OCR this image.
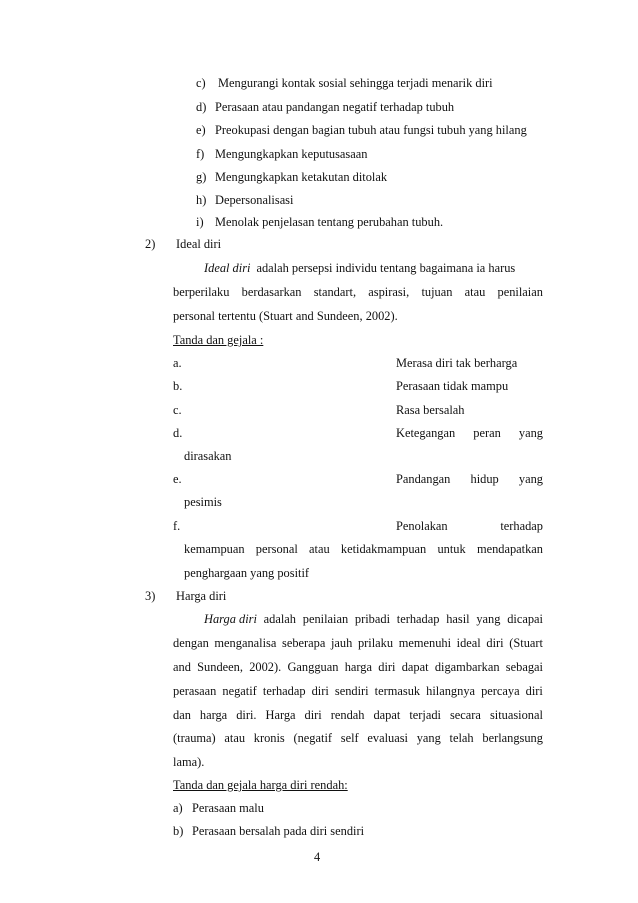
c) Mengurangi kontak sosial sehingga terjadi menarik diri
d) Perasaan atau pandangan negatif terhadap tubuh
e) Preokupasi dengan bagian tubuh atau fungsi tubuh yang hilang
f) Mengungkapkan keputusasaan
g) Mengungkapkan ketakutan ditolak
h) Depersonalisasi
i) Menolak penjelasan tentang perubahan tubuh.
2) Ideal diri
Ideal diri adalah persepsi individu tentang bagaimana ia harus
berperilaku berdasarkan standart, aspirasi, tujuan atau penilaian
personal tertentu (Stuart and Sundeen, 2002).
Tanda dan gejala :
a.	Merasa diri tak berharga
b.	Perasaan tidak mampu
c.	Rasa bersalah
d.	Ketegangan peran yang
dirasakan
e.	Pandangan hidup yang
pesimis
f.	Penolakan	terhadap
kemampuan personal atau ketidakmampuan untuk mendapatkan
penghargaan yang positif
3) Harga diri
Harga diri adalah penilaian pribadi terhadap hasil yang dicapai
dengan menganalisa seberapa jauh prilaku memenuhi ideal diri (Stuart
and Sundeen, 2002). Gangguan harga diri dapat digambarkan sebagai
perasaan negatif terhadap diri sendiri termasuk hilangnya percaya diri
dan harga diri. Harga diri rendah dapat terjadi secara situasional
(trauma) atau kronis (negatif self evaluasi yang telah berlangsung
lama).
Tanda dan gejala harga diri rendah:
a) Perasaan malu
b) Perasaan bersalah pada diri sendiri
4
